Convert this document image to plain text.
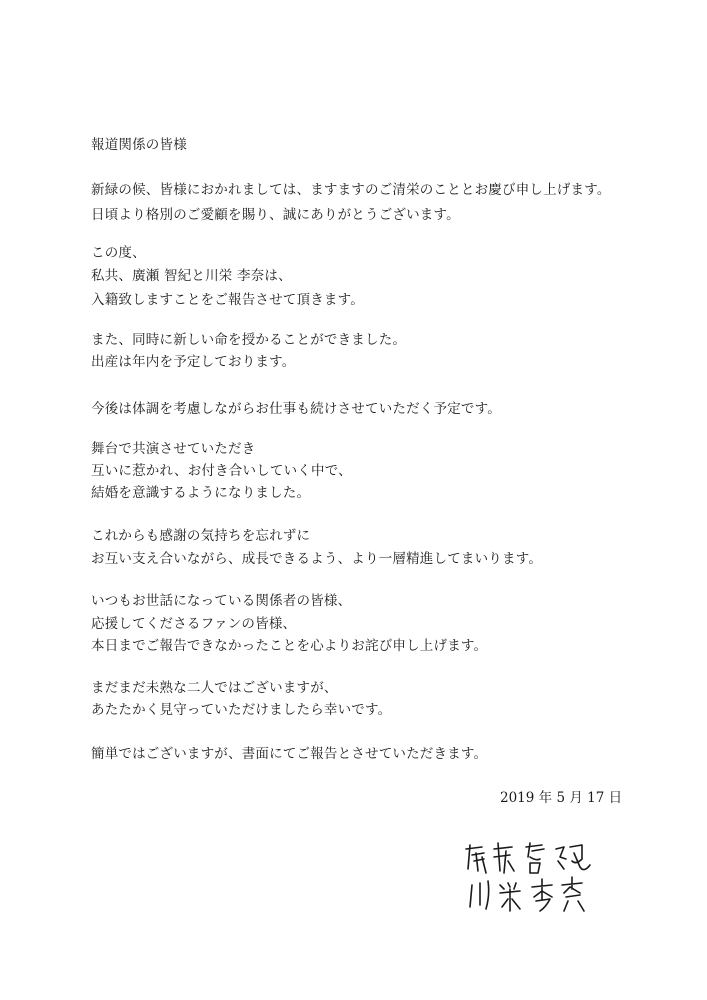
報道関係の皆様
新緑の候、皆様におかれましては、ますますのご清栄のこととお慶び申し上げます。
日頃より格別のご愛顧を賜り、誠にありがとうございます。
この度、
私共、廣瀬 智紀と川栄 李奈は、
入籍致しますことをご報告させて頂きます。
また、同時に新しい命を授かることができました。
出産は年内を予定しております。
今後は体調を考慮しながらお仕事も続けさせていただく予定です。
舞台で共演させていただき
互いに惹かれ、お付き合いしていく中で、
結婚を意識するようになりました。
これからも感謝の気持ちを忘れずに
お互い支え合いながら、成長できるよう、より一層精進してまいります。
いつもお世話になっている関係者の皆様、
応援してくださるファンの皆様、
本日までご報告できなかったことを心よりお詫び申し上げます。
まだまだ未熟な二人ではございますが、
あたたかく見守っていただけましたら幸いです。
簡単ではございますが、書面にてご報告とさせていただきます。
2019 年 5 月 17 日
